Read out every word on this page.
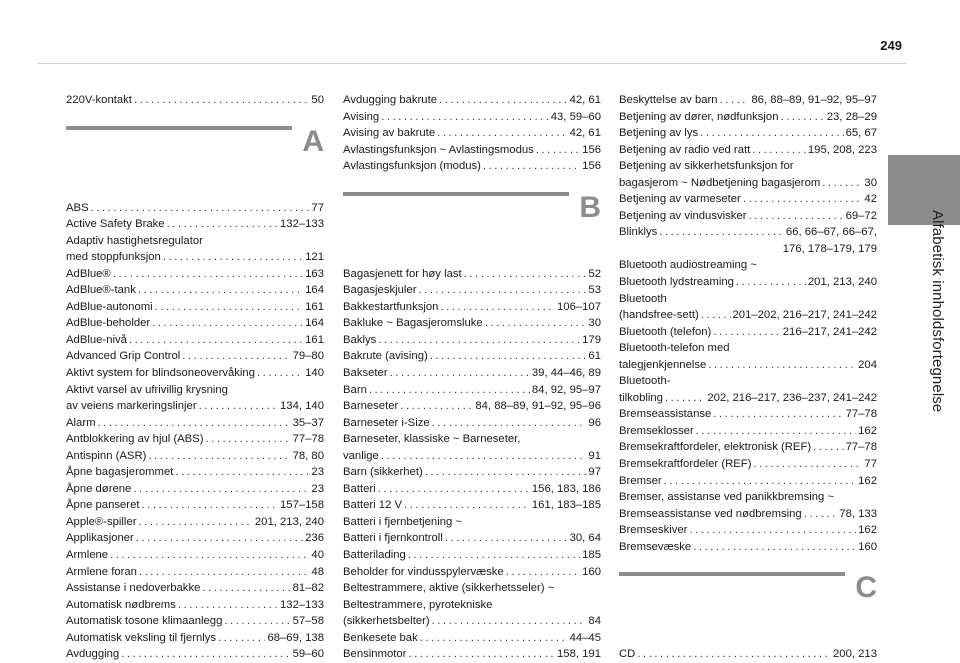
249
Alfabetisk innholdsfortegnelse
220V-kontakt . . .	50
A
ABS . . .	77
Active Safety Brake . . .	132–133
Adaptiv hastighetsregulator
med stoppfunksjon . . .	121
AdBlue® . . .	163
AdBlue®-tank . . .	164
AdBlue-autonomi . . .	161
AdBlue-beholder . . .	164
AdBlue-nivå . . .	161
Advanced Grip Control . . .	79–80
Aktivt system for blindsoneovervåking . . .	140
Aktivt varsel av ufrivillig krysning
av veiens markeringslinjer . . .	134, 140
Alarm . . .	35–37
Antblokkering av hjul (ABS) . . .	77–78
Antispinn (ASR) . . .	78, 80
Åpne bagasjerommet . . .	23
Åpne dørene . . .	23
Åpne panseret . . .	157–158
Apple®-spiller . . .	201, 213, 240
Applikasjoner . . .	236
Armlene . . .	40
Armlene foran . . .	48
Assistanse i nedoverbakke . . .	81–82
Automatisk nødbrems . . .	132–133
Automatisk tosone klimaanlegg . . .	57–58
Automatisk veksling til fjernlys . . .	68–69, 138
Avdugging . . .	59–60
Avdugging bakrute . . .	42, 61
Avising . . .	43, 59–60
Avising av bakrute . . .	42, 61
Avlastingsfunksjon ~ Avlastingsmodus . . .	156
Avlastingsfunksjon (modus) . . .	156
B
Bagasjenett for høy last . . .	52
Bagasjeskjuler . . .	53
Bakkestartfunksjon . . .	106–107
Bakluke ~ Bagasjeromsluke . . .	30
Baklys . . .	179
Bakrute (avising) . . .	61
Bakseter . . .	39, 44–46, 89
Barn . . .	84, 92, 95–97
Barneseter . . .	84, 88–89, 91–92, 95–96
Barneseter i-Size . . .	96
Barneseter, klassiske ~ Barneseter,
vanlige . . .	91
Barn (sikkerhet) . . .	97
Batteri . . .	156, 183, 186
Batteri 12 V . . .	161, 183–185
Batteri i fjernbetjening ~
Batteri i fjernkontroll . . .	30, 64
Batterilading . . .	185
Beholder for vindusspylervæske . . .	160
Beltestrammere, aktive (sikkerhetsseler) ~
Beltestrammere, pyrotekniske
(sikkerhetsbelter) . . .	84
Benkesete bak . . .	44–45
Bensinmotor . . .	158, 191
Beskyttelse av barn . . .	86, 88–89, 91–92, 95–97
Betjening av dører, nødfunksjon . . .	23, 28–29
Betjening av lys . . .	65, 67
Betjening av radio ved ratt . . .	195, 208, 223
Betjening av sikkerhetsfunksjon for
bagasjerom ~ Nødbetjening bagasjerom . . .	30
Betjening av varmeseter . . .	42
Betjening av vindusvisker . . .	69–72
Blinklys . . .	66, 66–67, 66–67,
176, 178–179, 179
Bluetooth audiostreaming ~
Bluetooth lydstreaming . . .	201, 213, 240
Bluetooth
(handsfree-sett) . . .	201–202, 216–217, 241–242
Bluetooth (telefon) . . .	216–217, 241–242
Bluetooth-telefon med
talegjenkjennelse . . .	204
Bluetooth-
tilkobling . . .	202, 216–217, 236–237, 241–242
Bremseassistanse . . .	77–78
Bremseklosser . . .	162
Bremsekraftfordeler, elektronisk (REF) . . .	77–78
Bremsekraftfordeler (REF) . . .	77
Bremser . . .	162
Bremser, assistanse ved panikkbremsing ~
Bremseassistanse ved nødbremsing . . .	78, 133
Bremseskiver . . .	162
Bremsevæske . . .	160
C
CD . . .	200, 213
